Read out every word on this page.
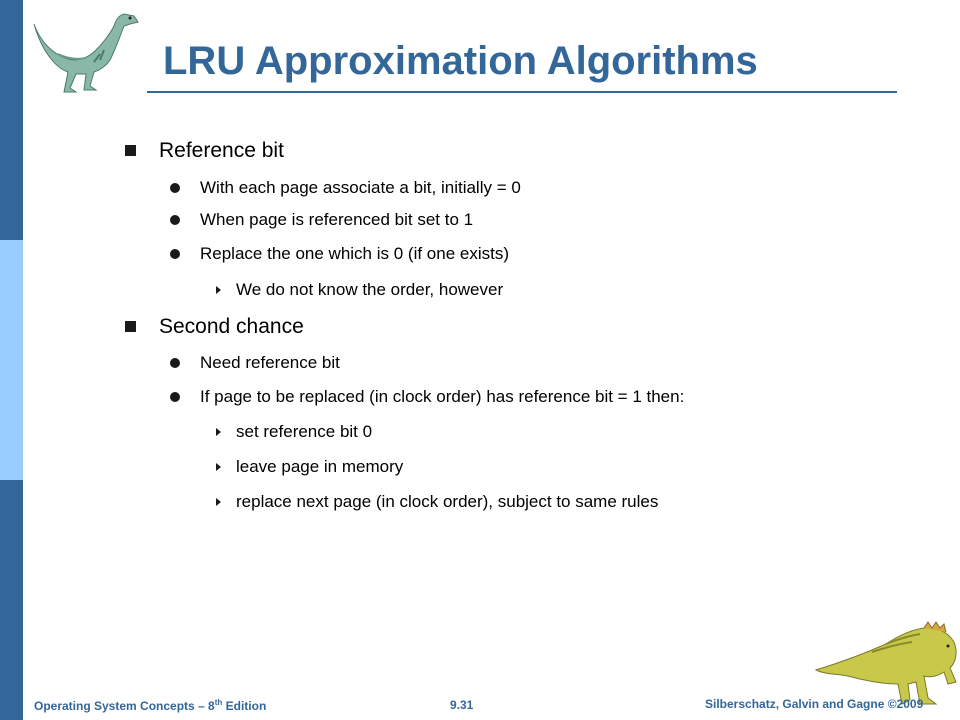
LRU Approximation Algorithms
Reference bit
With each page associate a bit, initially = 0
When page is referenced bit set to 1
Replace the one which is 0 (if one exists)
We do not know the order, however
Second chance
Need reference bit
If page to be replaced (in clock order) has reference bit = 1 then:
set reference bit 0
leave page in memory
replace next page (in clock order), subject to same rules
Operating System Concepts – 8th Edition	9.31	Silberschatz, Galvin and Gagne ©2009
